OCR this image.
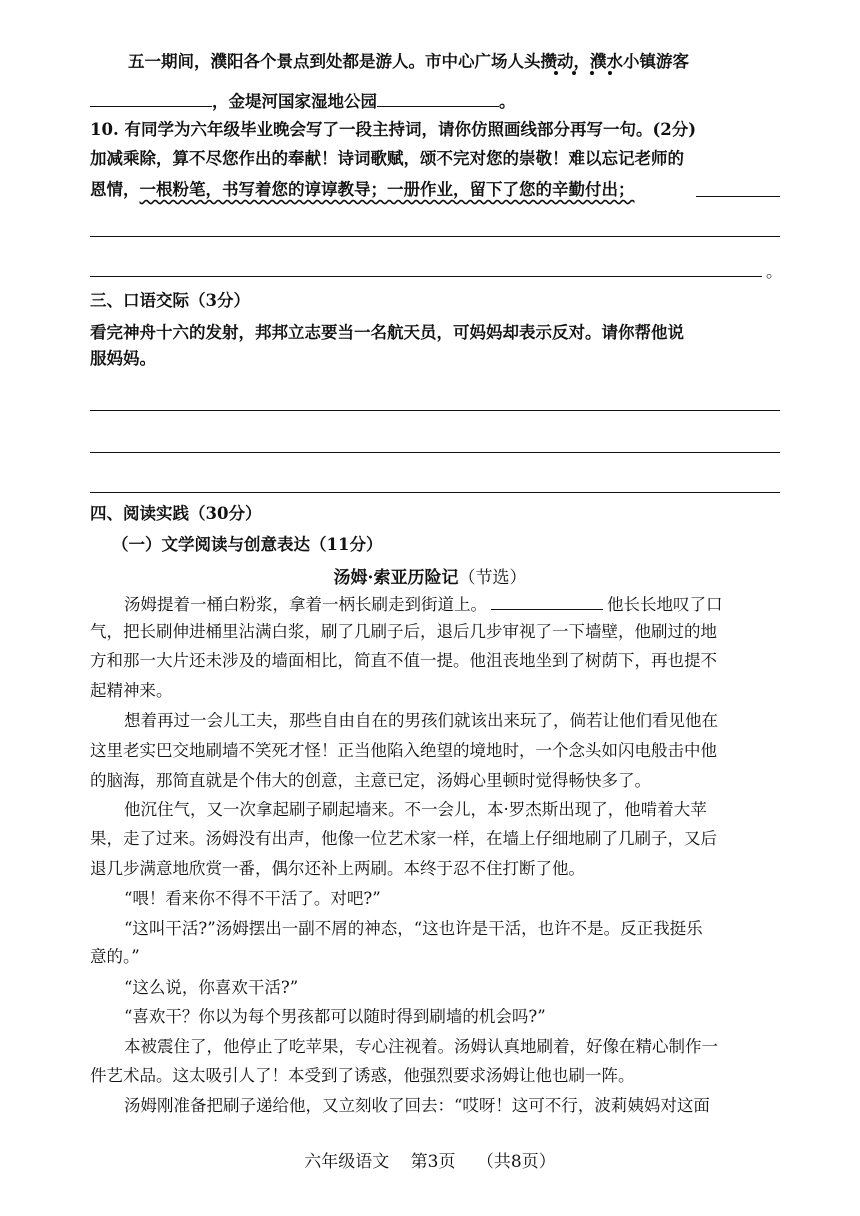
五一期间，濮阳各个景点到处都是游人。市中心广场人头攒动，濮水小镇游客
，金堤河国家湿地公园	。
10. 有同学为六年级毕业晚会写了一段主持词，请你仿照画线部分再写一句。(2分)
加减乘除，算不尽您作出的奉献！诗词歌赋，颂不完对您的崇敬！难以忘记老师的
恩情，一根粉笔，书写着您的谆谆教导；一册作业，留下了您的辛勤付出；
。
三、口语交际（3分）
看完神舟十六的发射，邦邦立志要当一名航天员，可妈妈却表示反对。请你帮他说
服妈妈。
四、阅读实践（30分）
（一）文学阅读与创意表达（11分）
汤姆·索亚历险记（节选）
汤姆提着一桶白粉浆，拿着一柄长刷走到街道上。	他长长地叹了口
气，把长刷伸进桶里沾满白浆，刷了几刷子后，退后几步审视了一下墙壁，他刷过的地
方和那一大片还未涉及的墙面相比，简直不值一提。他沮丧地坐到了树荫下，再也提不
起精神来。
想着再过一会儿工夫，那些自由自在的男孩们就该出来玩了，倘若让他们看见他在
这里老实巴交地刷墙不笑死才怪！正当他陷入绝望的境地时，一个念头如闪电般击中他
的脑海，那简直就是个伟大的创意，主意已定，汤姆心里顿时觉得畅快多了。
他沉住气，又一次拿起刷子刷起墙来。不一会儿，本·罗杰斯出现了，他啃着大苹
果，走了过来。汤姆没有出声，他像一位艺术家一样，在墙上仔细地刷了几刷子，又后
退几步满意地欣赏一番，偶尔还补上两刷。本终于忍不住打断了他。
“喂！看来你不得不干活了。对吧?”
“这叫干活?”汤姆摆出一副不屑的神态，“这也许是干活，也许不是。反正我挺乐
意的。”
“这么说，你喜欢干活?”
“喜欢干？你以为每个男孩都可以随时得到刷墙的机会吗?”
本被震住了，他停止了吃苹果，专心注视着。汤姆认真地刷着，好像在精心制作一
件艺术品。这太吸引人了！本受到了诱惑，他强烈要求汤姆让他也刷一阵。
汤姆刚准备把刷子递给他，又立刻收了回去：“哎呀！这可不行，波莉姨妈对这面
六年级语文 第3页 （共8页）
